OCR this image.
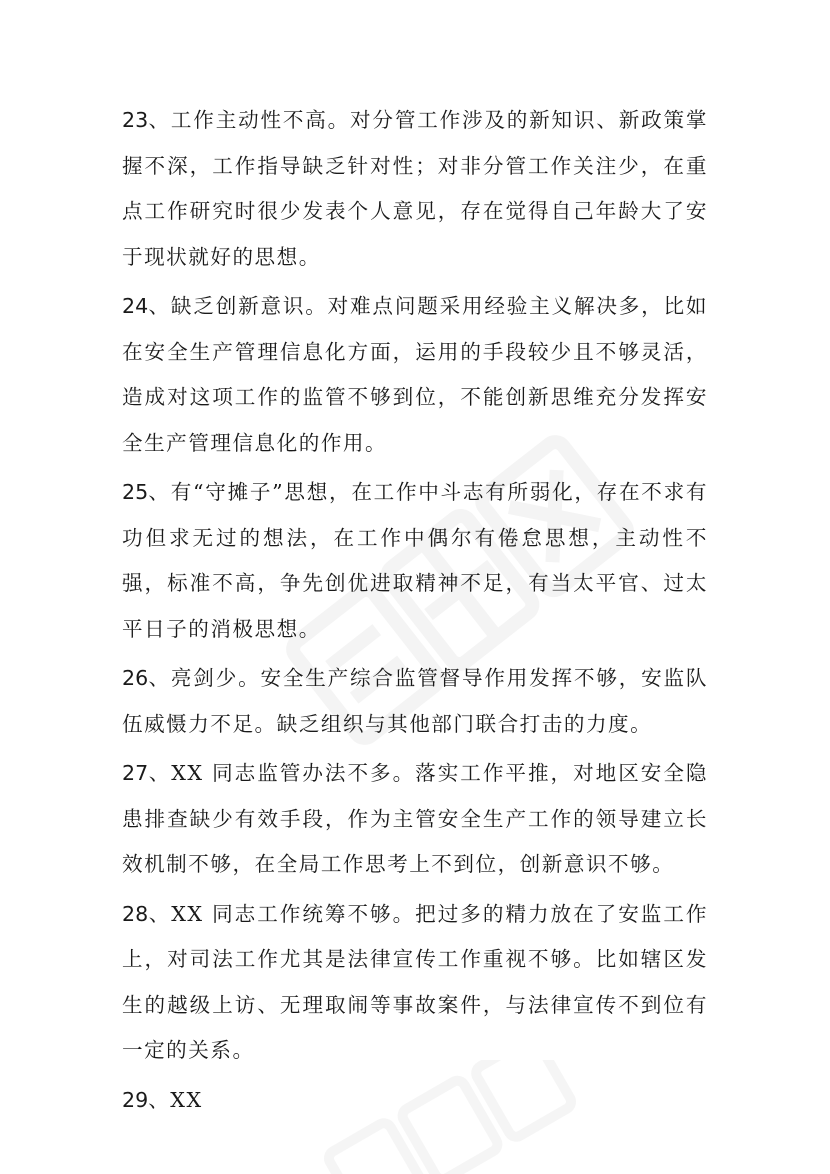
23、工作主动性不高。对分管工作涉及的新知识、新政策掌握不深，工作指导缺乏针对性；对非分管工作关注少，在重点工作研究时很少发表个人意见，存在觉得自己年龄大了安于现状就好的思想。

24、缺乏创新意识。对难点问题采用经验主义解决多，比如在安全生产管理信息化方面，运用的手段较少且不够灵活，造成对这项工作的监管不够到位，不能创新思维充分发挥安全生产管理信息化的作用。

25、有“守摊子”思想，在工作中斗志有所弱化，存在不求有功但求无过的想法，在工作中偶尔有倦怠思想，主动性不强，标准不高，争先创优进取精神不足，有当太平官、过太平日子的消极思想。

26、亮剑少。安全生产综合监管督导作用发挥不够，安监队伍威慑力不足。缺乏组织与其他部门联合打击的力度。

27、XX 同志监管办法不多。落实工作平推，对地区安全隐患排查缺少有效手段，作为主管安全生产工作的领导建立长效机制不够，在全局工作思考上不到位，创新意识不够。

28、XX 同志工作统筹不够。把过多的精力放在了安监工作上，对司法工作尤其是法律宣传工作重视不够。比如辖区发生的越级上访、无理取闹等事故案件，与法律宣传不到位有一定的关系。

29、XX
